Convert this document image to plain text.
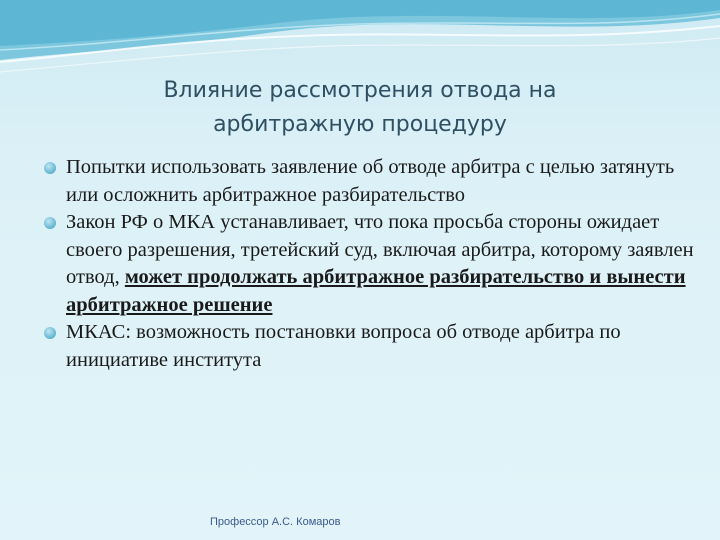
Влияние рассмотрения отвода на
арбитражную процедуру
Попытки использовать заявление об отводе арбитра с целью затянуть или осложнить арбитражное разбирательство
Закон РФ о МКА устанавливает, что пока просьба стороны ожидает своего разрешения, третейский суд, включая арбитра, которому заявлен отвод, может продолжать арбитражное разбирательство и вынести арбитражное решение
МКАС: возможность постановки вопроса об отводе арбитра по инициативе института
Профессор А.С. Комаров
